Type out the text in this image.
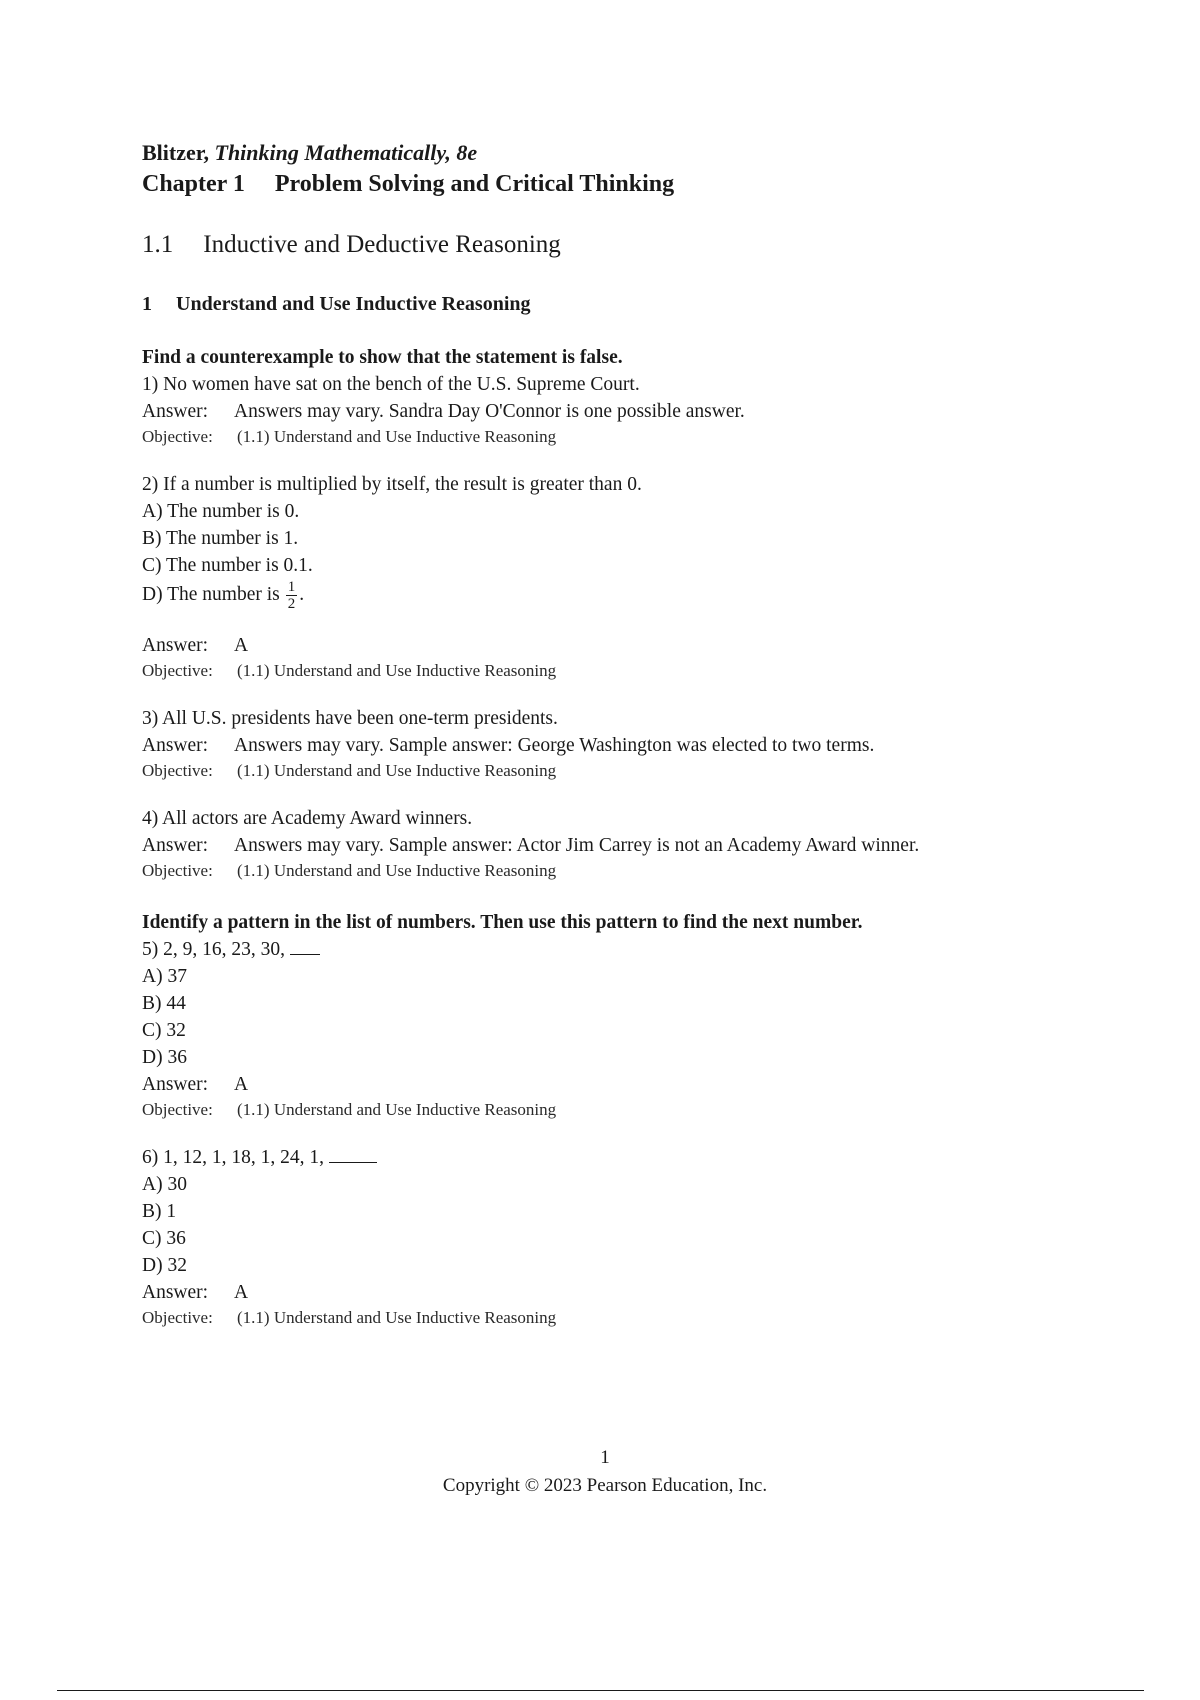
Blitzer, Thinking Mathematically, 8e

Chapter 1 Problem Solving and Critical Thinking

1.1 Inductive and Deductive Reasoning
1 Understand and Use Inductive Reasoning
Find a counterexample to show that the statement is false.

1) No women have sat on the bench of the U.S. Supreme Court.

Answer: Answers may vary. Sandra Day O'Connor is one possible answer.

Objective: (1.1) Understand and Use Inductive Reasoning

2) If a number is multiplied by itself, the result is greater than 0.

A) The number is 0.

B) The number is 1.

C) The number is 0.1.

D) The number is $\frac{1}{2}$ .

Answer: A

Objective: (1.1) Understand and Use Inductive Reasoning

3) All U.S. presidents have been one-term presidents.

Answer: Answers may vary. Sample answer: George Washington was elected to two terms.

Objective: (1.1) Understand and Use Inductive Reasoning

4) All actors are Academy Award winners.

Answer: Answers may vary. Sample answer: Actor Jim Carrey is not an Academy Award winner.

Objective: (1.1) Understand and Use Inductive Reasoning

Identify a pattern in the list of numbers. Then use this pattern to find the next number.

5) 2, 9, 16, 23, 30,

A) 37

B) 44

C) 32

D) 36

Answer: A

Objective: (1.1) Understand and Use Inductive Reasoning

6) 1, 12, 1, 18, 1, 24, 1,

A) 30

B) 1

C) 36

D) 32

Answer: A

Objective: (1.1) Understand and Use Inductive Reasoning

1
Copyright © 2023 Pearson Education, Inc.
